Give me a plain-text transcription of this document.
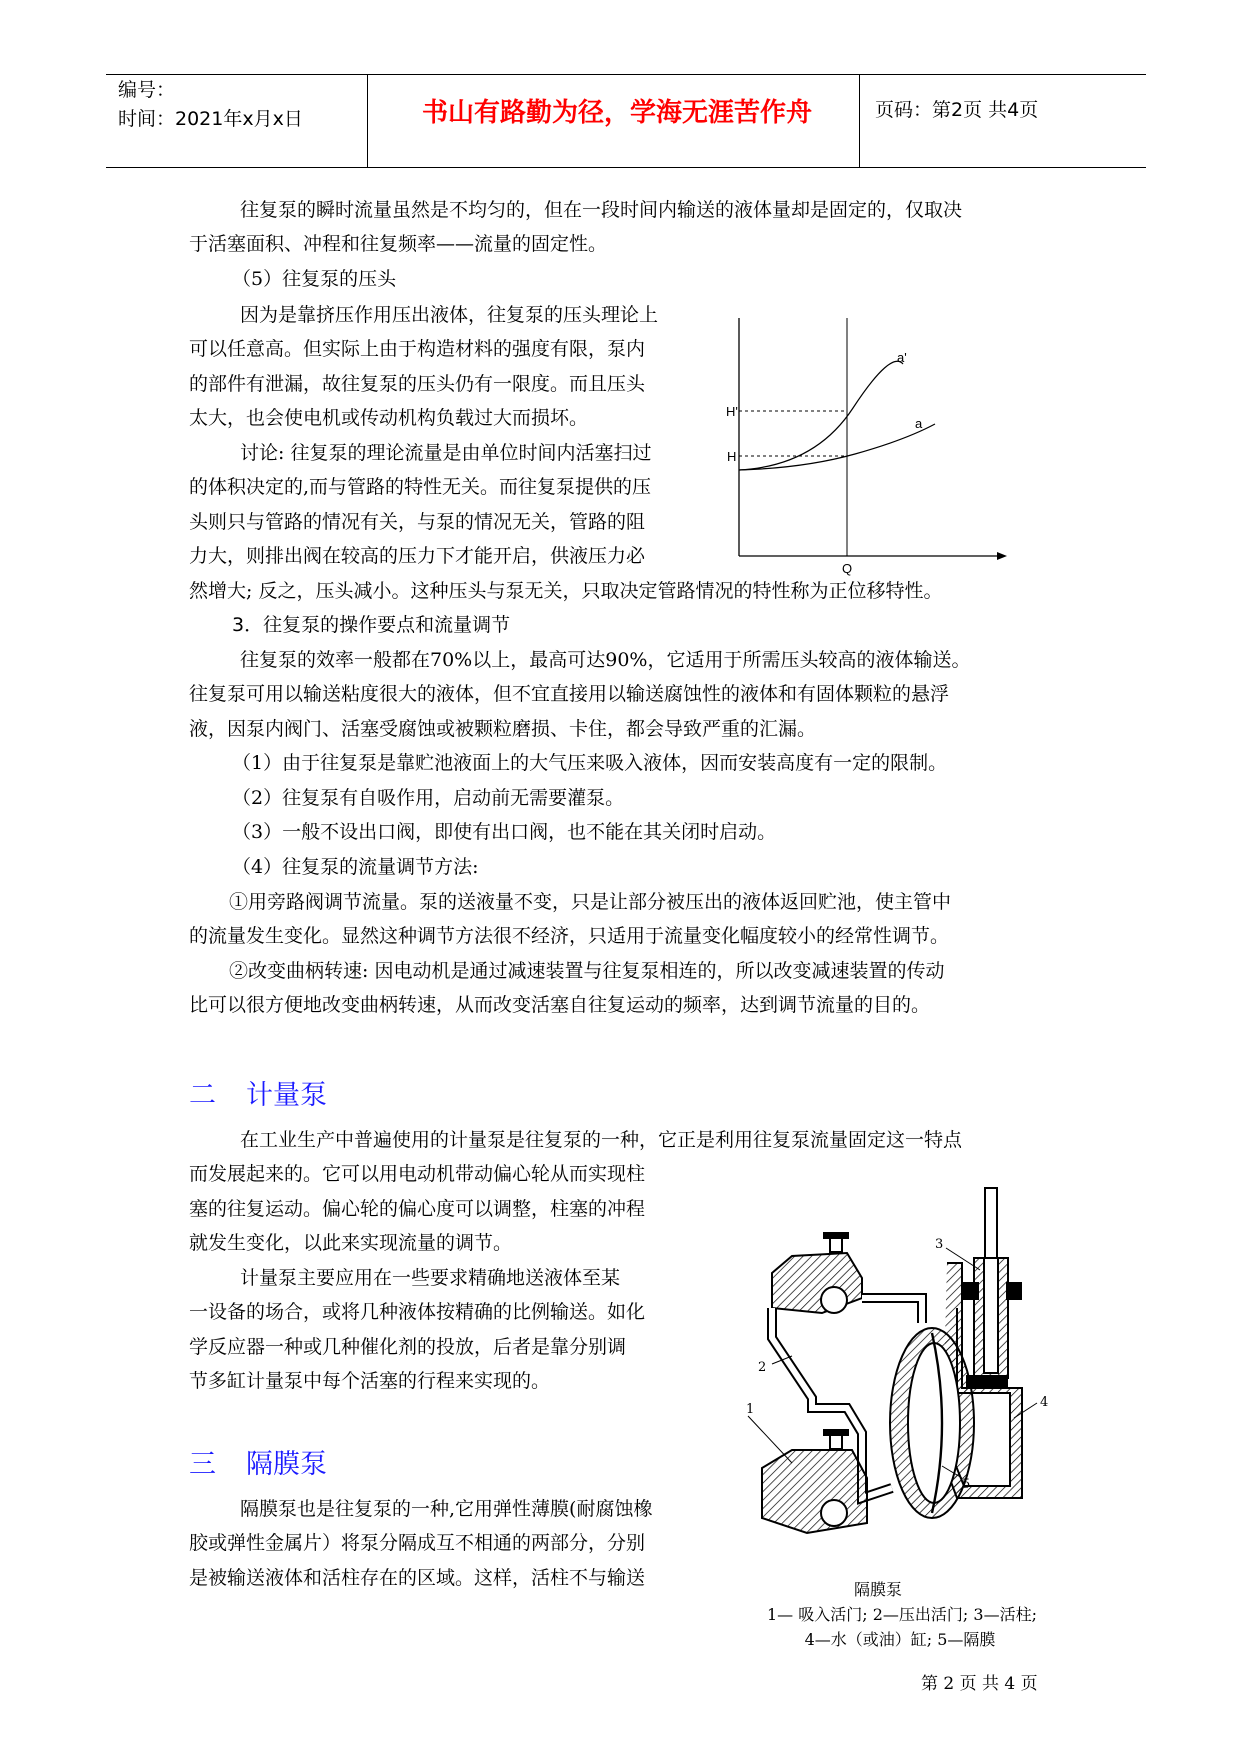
编号：
时间：2021年x月x日	书山有路勤为径，学海无涯苦作舟	页码：第2页 共4页
往复泵的瞬时流量虽然是不均匀的，但在一段时间内输送的液体量却是固定的，仅取决
于活塞面积、冲程和往复频率——流量的固定性。
（5）往复泵的压头
因为是靠挤压作用压出液体，往复泵的压头理论上
可以任意高。但实际上由于构造材料的强度有限，泵内
的部件有泄漏，故往复泵的压头仍有一限度。而且压头
太大，也会使电机或传动机构负载过大而损坏。
讨论: 往复泵的理论流量是由单位时间内活塞扫过
的体积决定的,而与管路的特性无关。而往复泵提供的压
头则只与管路的情况有关，与泵的情况无关，管路的阻
力大，则排出阀在较高的压力下才能开启，供液压力必
然增大; 反之，压头减小。这种压头与泵无关，只取决定管路情况的特性称为正位移特性。
3．往复泵的操作要点和流量调节
往复泵的效率一般都在70%以上，最高可达90%，它适用于所需压头较高的液体输送。
往复泵可用以输送粘度很大的液体，但不宜直接用以输送腐蚀性的液体和有固体颗粒的悬浮
液，因泵内阀门、活塞受腐蚀或被颗粒磨损、卡住，都会导致严重的汇漏。
（1）由于往复泵是靠贮池液面上的大气压来吸入液体，因而安装高度有一定的限制。
（2）往复泵有自吸作用，启动前无需要灌泵。
（3）一般不设出口阀，即使有出口阀，也不能在其关闭时启动。
（4）往复泵的流量调节方法:
①用旁路阀调节流量。泵的送液量不变，只是让部分被压出的液体返回贮池，使主管中
的流量发生变化。显然这种调节方法很不经济，只适用于流量变化幅度较小的经常性调节。
②改变曲柄转速: 因电动机是通过减速装置与往复泵相连的，所以改变减速装置的传动
比可以很方便地改变曲柄转速，从而改变活塞自往复运动的频率，达到调节流量的目的。
二 计量泵
在工业生产中普遍使用的计量泵是往复泵的一种，它正是利用往复泵流量固定这一特点
而发展起来的。它可以用电动机带动偏心轮从而实现柱
塞的往复运动。偏心轮的偏心度可以调整，柱塞的冲程
就发生变化，以此来实现流量的调节。
计量泵主要应用在一些要求精确地送液体至某
一设备的场合，或将几种液体按精确的比例输送。如化
学反应器一种或几种催化剂的投放，后者是靠分别调
节多缸计量泵中每个活塞的行程来实现的。
三 隔膜泵
隔膜泵也是往复泵的一种,它用弹性薄膜(耐腐蚀橡
胶或弹性金属片）将泵分隔成互不相通的两部分，分别
是被输送液体和活柱存在的区域。这样，活柱不与输送
a'
a
H'
H
Q
3
2
4
1
5
隔膜泵
1— 吸入活门; 2—压出活门; 3—活柱;
4—水（或油）缸; 5—隔膜
第 2 页 共 4 页
